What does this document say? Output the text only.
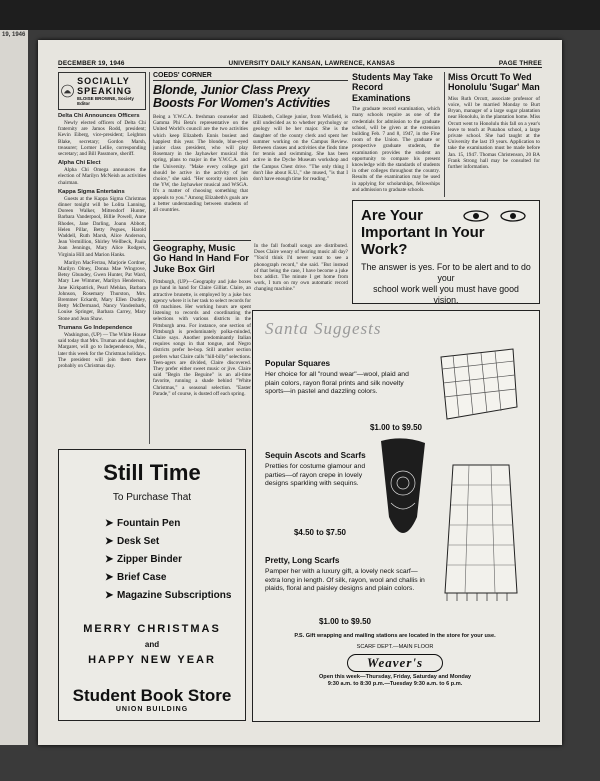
19, 1946
DECEMBER 19, 1946	UNIVERSITY DAILY KANSAN, LAWRENCE, KANSAS	PAGE THREE
SOCIALLY SPEAKING
ELOISE BROWNE, Society Editor
Delta Chi Announces Officers

Newly elected officers of Delta Chi fraternity are Jamos Rodd, president; Kevin Eiberg, vice-president; Leighton Blake, secretary; Gordon Marsh, treasurer; Lormer Lellie, corresponding secretary; and Bill Passmore, sheriff.

Alpha Chi Elect

Alpha Chi Omega announces the election of Marilyn McNeish as activities chairman.

Kappa Sigma Entertains

Guests at the Kappa Sigma Christmas dinner tonight will be Lolita Lanning, Doreen Walker, Mittendorf Hunter, Barbara Vanderpool, Billie Powell, Anne Rhodes, Jane Darling, Joann Abbott, Helen Pillar, Betty Pegues, Harold Waddell, Ruth Marsh, Alice Anderson, Jean Vermillion, Shirley Wellbeck, Paula Joan Jennings, Mary Alice Rodgers, Virginia Hill and Marion Hanks.

Marilyn MacFerrau, Marjorie Cordner, Marilyn Olney, Donna Mae Wingrove, Betsy Gbundey, Gwen Hunter, Pat Ward, Mary Lee Wimmer, Marilyn Henderson, Jane Kirkpatrick, Pearl Mehlan, Barbara Johnson, Rosemary Thurston, Mrs. Bremmer Eckardt, Mary Ellen Dudley, Betty McDermand, Nancy Vandenbark, Louise Springer, Barbara Carrey, Mary Stone and Jean Shaw.

Trumans Go Independence

Washington, (UP) — The White House said today that Mrs. Truman and daughter, Margaret, will go to Independence, Mo., later this week for the Christmas holidays. The president will join them there probably on Christmas day.

COEDS' CORNER
Blonde, Junior Class Prexy Boosts For Women's Activities
Being a Y.W.C.A. freshman counselor and Gamma Phi Beta's representative on the United World's council are the two activities which keep Elizabeth Ennis busiest and happiest this year. The blonde, blue-eyed junior class president, who will play Rosemary in the Jayhawker musical this spring, plans to major in the Y.W.C.A. and the University. "Make every college girl should be active in the activity of her choice," she said. "Her sorority sisters join the YW, the Jayhawker musical and WSGA. It's a matter of choosing something that appeals to you." Among Elizabeth's goals are a better understanding between students of all countries.
Elizabeth, College junior, from Winfield, is still undecided as to whether psychology or geology will be her major. She is the daughter of the county clerk and spent her summer working on the Campus Review. Between classes and activities she finds time for tennis and swimming. She has been active in the Dyche Museum workshop and the Campus Chest drive. "The only thing I don't like about K.U.," she mused, "is that I don't have enough time for reading."
Geography, Music Go Hand In Hand For Juke Box Girl
Pittsburgh, (UP)—Geography and juke boxes go hand in hand for Claire Gilliat. Claire, an attractive brunette, is employed by a juke box agency where it is her task to select records for 69 machines. Her working hours are spent listening to records and coordinating the selections with various districts in the Pittsburgh area. For instance, one section of Pittsburgh is predominately polka-minded, Claire says. Another predominantly Italian requires songs in that tongue, and Negro districts prefer be-bop. Still another section prefers what Claire calls "hill-billy" selections. Teen-agers are divided, Claire discovered. They prefer either sweet music or jive. Claire said "Begin the Beguine" is an all-time favorite, running a shade behind "White Christmas," a seasonal selection. "Easter Parade," of course, is dusted off each spring.
In the fall football songs are distributed. Does Claire weary of hearing music all day? "You'd think I'd never want to see a phonograph record," she said. "But instead of that being the case, I have become a juke box addict. The minute I get home from work, I turn on my own automatic record changing machine."
Students May Take Record Examinations
The graduate record examination, which many schools require as one of the credentials for admission to the graduate school, will be given at the extension building Feb. 7 and 8, 1947, in the Fine room of the Union. The graduate or prospective graduate students, the examination provides the student an opportunity to compare his present knowledge with the standards of students in other colleges throughout the country. Results of the examination may be used in applying for scholarships, fellowships and admission to graduate schools.
Miss Orcutt To Wed Honolulu 'Sugar' Man
Miss Ruth Orcutt, associate professor of voice, will be married Monday to Burt Bryan, manager of a large sugar plantation near Honolulu, in the plantation home. Miss Orcutt went to Honolulu this fall on a year's leave to teach at Punahou school, a large private school. She had taught at the University the last 19 years. Application to take the examination must be made before Jan. 15, 1947. Thomas Christenson, 20 BA Frank Strong hall may be consulted for further information.
Are Your
Important In Your Work?
The answer is yes. For to be alert and to do your
school work well you must have good vision.
Still Time
To Purchase That
➤ Fountain Pen
➤ Desk Set
➤ Zipper Binder
➤ Brief Case
➤ Magazine Subscriptions
MERRY CHRISTMAS
and
HAPPY NEW YEAR
Student Book Store
UNION BUILDING
Santa Suggests
Popular Squares
Her choice for all "round wear"—wool, plaid and plain colors, rayon floral prints and silk novelty sports—in pastel and dazzling colors.
$1.00 to $9.50
Sequin Ascots and Scarfs
Pretties for costume glamour and parties—of rayon crepe in lovely designs sparkling with sequins.
$4.50 to $7.50
Pretty, Long Scarfs
Pamper her with a luxury gift, a lovely neck scarf—extra long in length. Of silk, rayon, wool and challis in plaids, floral and paisley designs and plain colors.
$1.00 to $9.50
P.S. Gift wrapping and mailing stations are located in the store for your use.
SCARF DEPT.—MAIN FLOOR
Weaver's
Open this week—Thursday, Friday, Saturday and Monday
9:30 a.m. to 8:30 p.m.—Tuesday 9:30 a.m. to 6 p.m.
